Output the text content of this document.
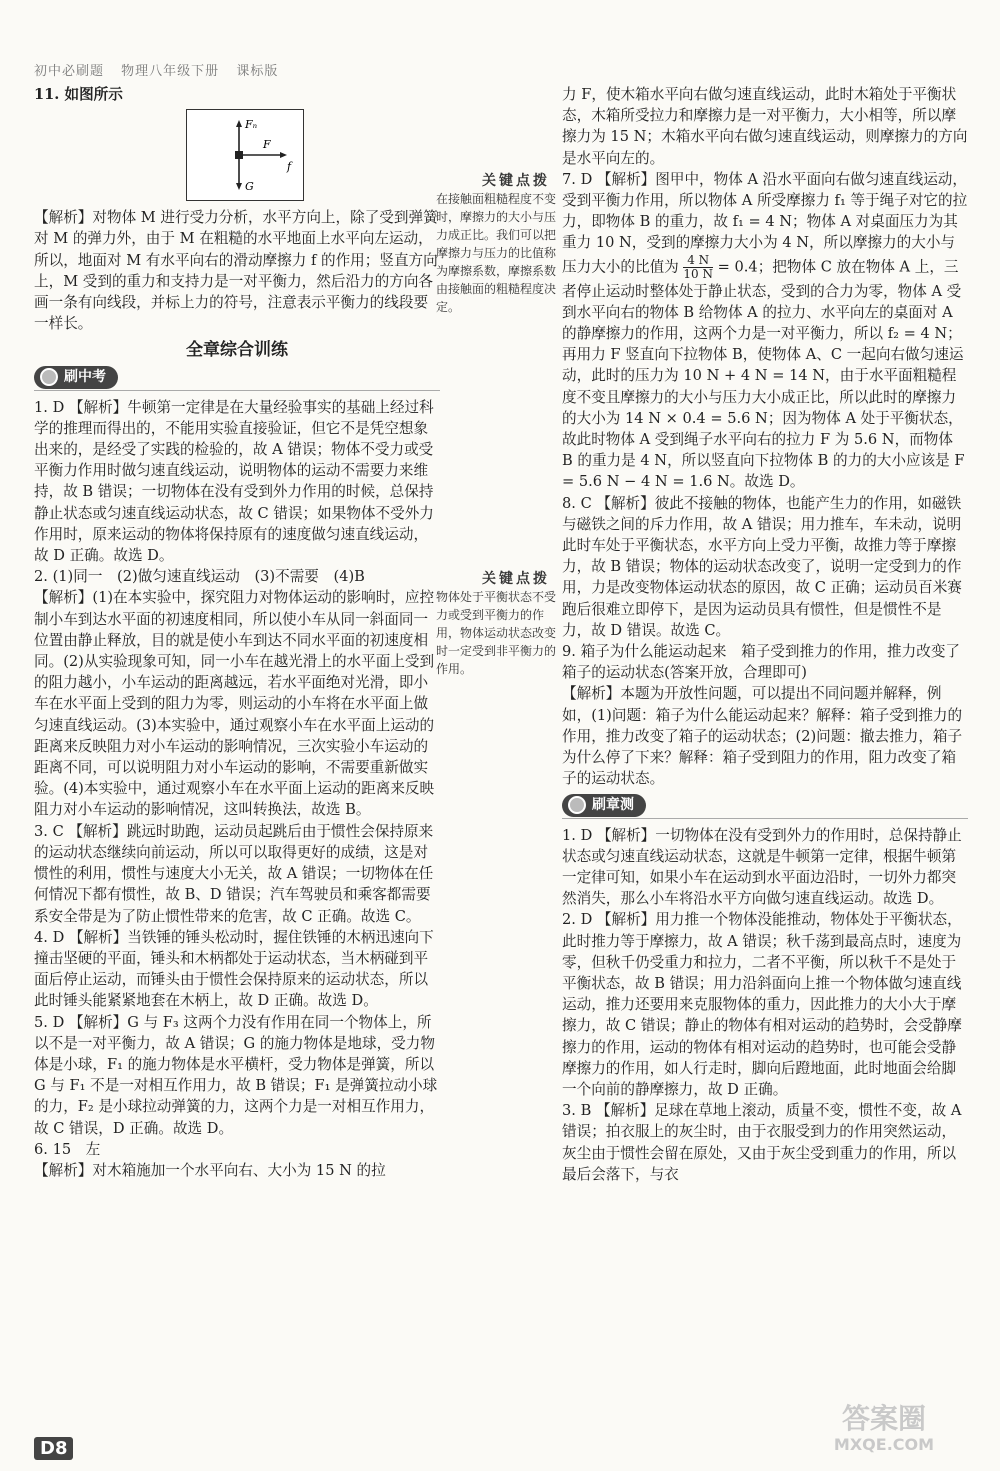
初中必刷题 物理八年级下册 课标版

11. 如图所示

Fₙ
F
f
G

【解析】对物体 M 进行受力分析，水平方向上，除了受到弹簧对 M 的弹力外，由于 M 在粗糙的水平地面上水平向左运动，所以，地面对 M 有水平向右的滑动摩擦力 f 的作用；竖直方向上，M 受到的重力和支持力是一对平衡力，然后沿力的方向各画一条有向线段，并标上力的符号，注意表示平衡力的线段要一样长。

全章综合训练
刷中考

1. D 【解析】牛顿第一定律是在大量经验事实的基础上经过科学的推理而得出的，不能用实验直接验证，但它不是凭空想象出来的，是经受了实践的检验的，故 A 错误；物体不受力或受平衡力作用时做匀速直线运动，说明物体的运动不需要力来维持，故 B 错误；一切物体在没有受到外力作用的时候，总保持静止状态或匀速直线运动状态，故 C 错误；如果物体不受外力作用时，原来运动的物体将保持原有的速度做匀速直线运动，故 D 正确。故选 D。

2. (1)同一　(2)做匀速直线运动　(3)不需要　(4)B

【解析】(1)在本实验中，探究阻力对物体运动的影响时，应控制小车到达水平面的初速度相同，所以使小车从同一斜面同一位置由静止释放，目的就是使小车到达不同水平面的初速度相同。(2)从实验现象可知，同一小车在越光滑上的水平面上受到的阻力越小，小车运动的距离越远，若水平面绝对光滑，即小车在水平面上受到的阻力为零，则运动的小车将在水平面上做匀速直线运动。(3)本实验中，通过观察小车在水平面上运动的距离来反映阻力对小车运动的影响情况，三次实验小车运动的距离不同，可以说明阻力对小车运动的影响，不需要重新做实验。(4)本实验中，通过观察小车在水平面上运动的距离来反映阻力对小车运动的影响情况，这叫转换法，故选 B。

3. C 【解析】跳远时助跑，运动员起跳后由于惯性会保持原来的运动状态继续向前运动，所以可以取得更好的成绩，这是对惯性的利用，惯性与速度大小无关，故 A 错误；一切物体在任何情况下都有惯性，故 B、D 错误；汽车驾驶员和乘客都需要系安全带是为了防止惯性带来的危害，故 C 正确。故选 C。

4. D 【解析】当铁锤的锤头松动时，握住铁锤的木柄迅速向下撞击坚硬的平面，锤头和木柄都处于运动状态，当木柄碰到平面后停止运动，而锤头由于惯性会保持原来的运动状态，所以此时锤头能紧紧地套在木柄上，故 D 正确。故选 D。

5. D 【解析】G 与 F₃ 这两个力没有作用在同一个物体上，所以不是一对平衡力，故 A 错误；G 的施力物体是地球，受力物体是小球，F₁ 的施力物体是水平横杆，受力物体是弹簧，所以 G 与 F₁ 不是一对相互作用力，故 B 错误；F₁ 是弹簧拉动小球的力，F₂ 是小球拉动弹簧的力，这两个力是一对相互作用力，故 C 错误，D 正确。故选 D。

6. 15　左

【解析】对木箱施加一个水平向右、大小为 15 N 的拉

关键点拨
在接触面粗糙程度不变时，摩擦力的大小与压力成正比。我们可以把摩擦力与压力的比值称为摩擦系数，摩擦系数由接触面的粗糙程度决定。
关键点拨
物体处于平衡状态不受力或受到平衡力的作用，物体运动状态改变时一定受到非平衡力的作用。

力 F，使木箱水平向右做匀速直线运动，此时木箱处于平衡状态，木箱所受拉力和摩擦力是一对平衡力，大小相等，所以摩擦力为 15 N；木箱水平向右做匀速直线运动，则摩擦力的方向是水平向左的。

7. D 【解析】图甲中，物体 A 沿水平面向右做匀速直线运动，受到平衡力作用，所以物体 A 所受摩擦力 f₁ 等于绳子对它的拉力，即物体 B 的重力，故 f₁ = 4 N；物体 A 对桌面压力为其重力 10 N，受到的摩擦力大小为 4 N，所以摩擦力的大小与压力大小的比值为 $\frac{4 N}{10 N} = 0.4$；把物体 C 放在物体 A 上，三者停止运动时整体处于静止状态，受到的合力为零，物体 A 受到水平向右的物体 B 给物体 A 的拉力、水平向左的桌面对 A 的静摩擦力的作用，这两个力是一对平衡力，所以 f₂ = 4 N；再用力 F 竖直向下拉物体 B，使物体 A、C 一起向右做匀速运动，此时的压力为 10 N + 4 N = 14 N，由于水平面粗糙程度不变且摩擦力的大小与压力大小成正比，所以此时的摩擦力的大小为 14 N × 0.4 = 5.6 N；因为物体 A 处于平衡状态，故此时物体 A 受到绳子水平向右的拉力 F 为 5.6 N，而物体 B 的重力是 4 N，所以竖直向下拉物体 B 的力的大小应该是 F = 5.6 N − 4 N = 1.6 N。故选 D。

8. C 【解析】彼此不接触的物体，也能产生力的作用，如磁铁与磁铁之间的斥力作用，故 A 错误；用力推车，车未动，说明此时车处于平衡状态，水平方向上受力平衡，故推力等于摩擦力，故 B 错误；物体的运动状态改变了，说明一定受到力的作用，力是改变物体运动状态的原因，故 C 正确；运动员百米赛跑后很难立即停下，是因为运动员具有惯性，但是惯性不是力，故 D 错误。故选 C。

9. 箱子为什么能运动起来　箱子受到推力的作用，推力改变了箱子的运动状态(答案开放，合理即可)

【解析】本题为开放性问题，可以提出不同问题并解释，例如，(1)问题：箱子为什么能运动起来？解释：箱子受到推力的作用，推力改变了箱子的运动状态；(2)问题：撤去推力，箱子为什么停了下来？解释：箱子受到阻力的作用，阻力改变了箱子的运动状态。

刷章测

1. D 【解析】一切物体在没有受到外力的作用时，总保持静止状态或匀速直线运动状态，这就是牛顿第一定律，根据牛顿第一定律可知，如果小车在运动到水平面边沿时，一切外力都突然消失，那么小车将沿水平方向做匀速直线运动。故选 D。

2. D 【解析】用力推一个物体没能推动，物体处于平衡状态，此时推力等于摩擦力，故 A 错误；秋千荡到最高点时，速度为零，但秋千仍受重力和拉力，二者不平衡，所以秋千不是处于平衡状态，故 B 错误；用力沿斜面向上推一个物体做匀速直线运动，推力还要用来克服物体的重力，因此推力的大小大于摩擦力，故 C 错误；静止的物体有相对运动的趋势时，会受静摩擦力的作用，运动的物体有相对运动的趋势时，也可能会受静摩擦力的作用，如人行走时，脚向后蹬地面，此时地面会给脚一个向前的静摩擦力，故 D 正确。

3. B 【解析】足球在草地上滚动，质量不变，惯性不变，故 A 错误；拍衣服上的灰尘时，由于衣服受到力的作用突然运动，灰尘由于惯性会留在原处，又由于灰尘受到重力的作用，所以最后会落下，与衣

D8
答案圈
MXQE.COM
